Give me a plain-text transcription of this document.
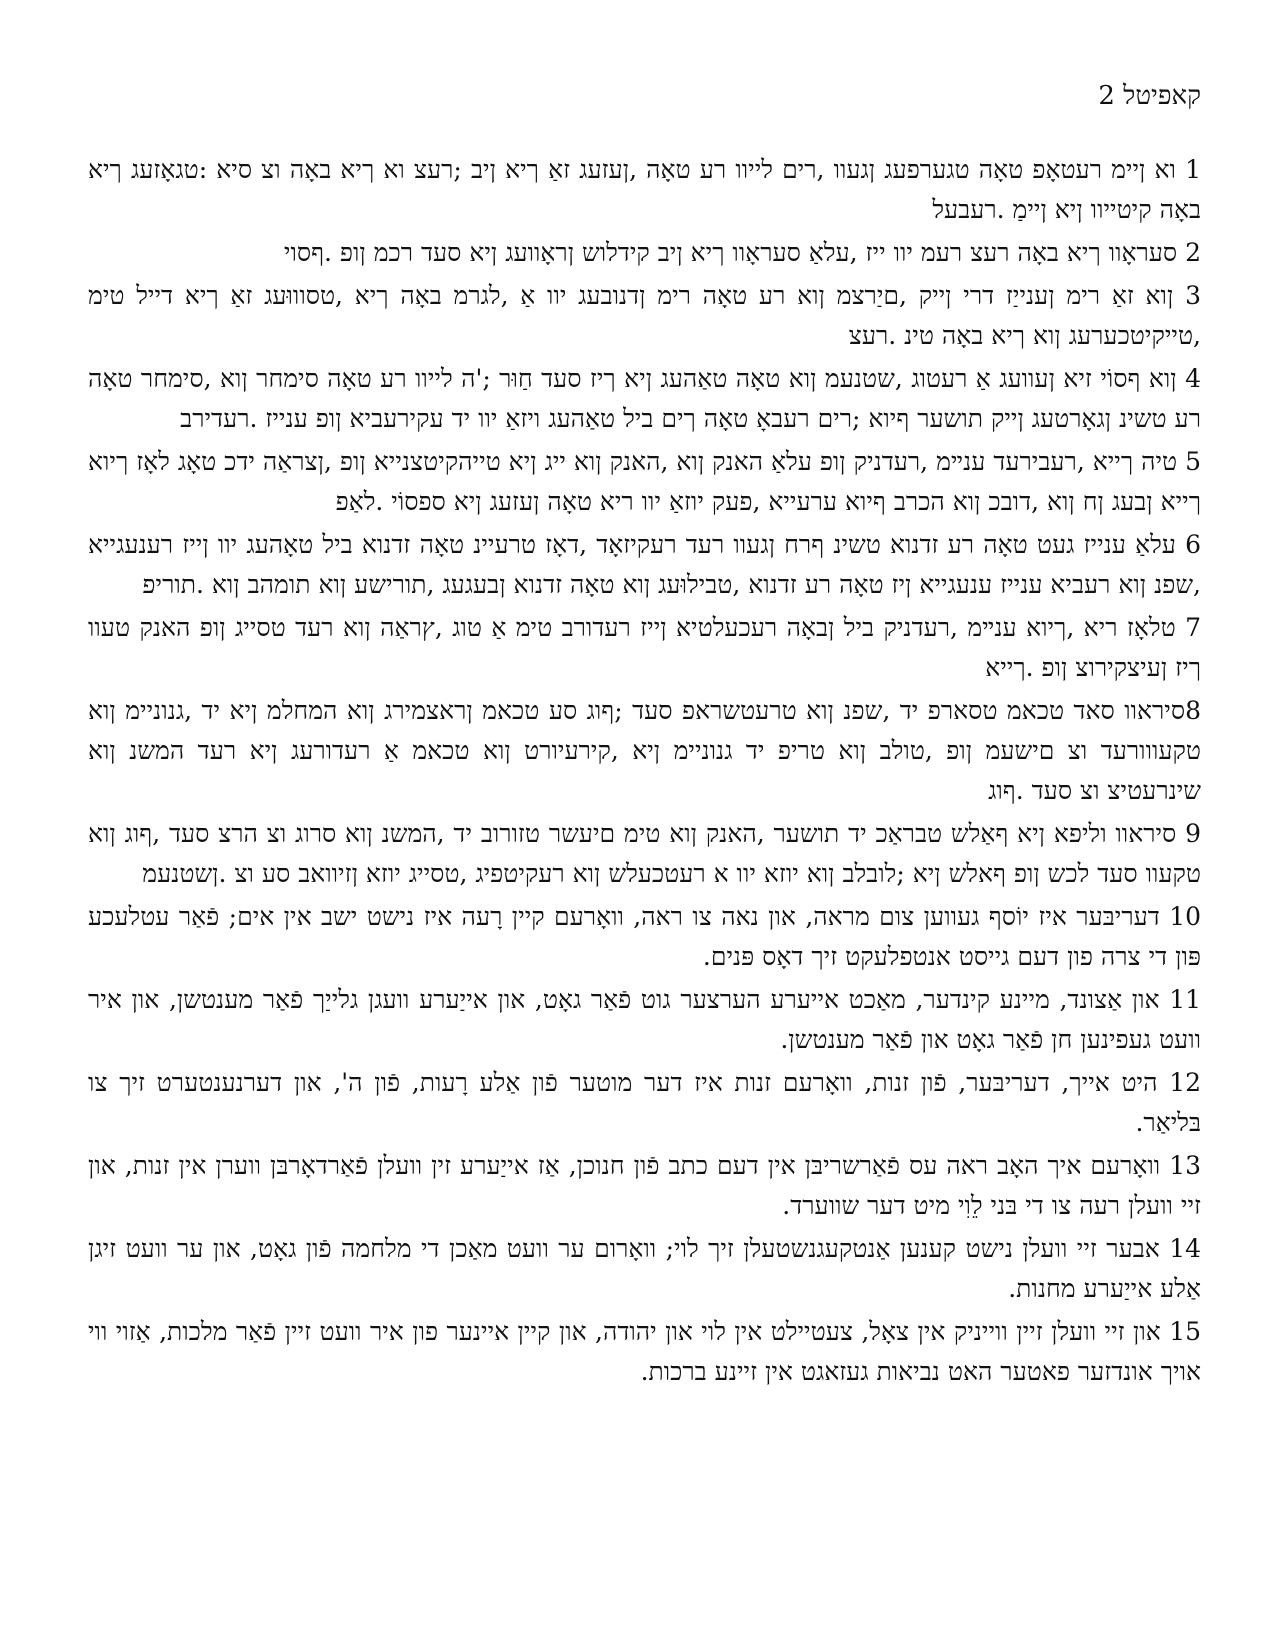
קאפיטל 2

1 וא ןיימ רעטאָפ טאָה טגערפעג ןגעוו ,רים לייוו רע טאָה ,ןעזעג זאַ ךיא ןיב ;רעצ וא ךיא באָה וצ סיא :טגאָזעג ךיא באָה קיטייוו ןיא ןיימַ .רעבעל

2 סעראָוו ךיא באָה רעצ רעמ יוו ייז ,עלאַ סעראָוו ךיא ןיב קידלוש ןראָוועג ןיא סעד רכמ ןופ .ףסוי

3 ןוא זאַ רימ ןענייַז דרי ןייק ,םיַרצמ ןוא רע טאָה רימ ןדנובעג יוו אַ ,לגרמ באָה ךיא ,טסוווּעג זאַ ךיא דייל טימ ,טייקיטכערעג ןוא ךיא באָה טינ .רעצ

4 ןוא ףסוֹי זיא ןעוועג אַ רעטוג ,שטנעמ ןוא טאָה טאַהעג ןיא ךיז סעד חַוּר ;'ה לייוו רע טאָה סימחר ןוא ,סימחר טאָה רע טשינ ןגאָרטעג ןייק תושער ףיוא ;רים רעבאָ טאָה ךים ביל טאַהעג ויזאַ יוו יד עקירעביא ןופ ענייז .רעדירב

5 טיה ךייא ,רעבירעד ענײמ ,רעדניק ןופ עלאַ האנק ןוא ,האנק ןוא ייג ןיא טייהקיטצנייא ןופ ,ןצראַה ידכ טאָג לאָז ךיוא ךייא ןבעג ןח ןוא ,דובכ ןוא הכרב ףיוא ערעייא ,פעק יוזאַ יוו ריא טאָה ןעזעג ןיא ספסוֹי .לאַפ

6 עלאַ ענייז געט טאָה רע זדנוא טשינ ףרח ןגעוו רעד רעקיזאָד ,דאָז טרעיינ טאָה זדנוא ביל טאָהעג יוו ןייז רענעגייא ,שפנ ןוא רעביא ענייז ענעגייא ןיז טאָה רע זדנוא ,טבילוּעג ןוא טאָה זדנוא ןבעגעג ,תורישע ןוא תומהב ןוא .תוריפ

7 טלאָז ריא ,ךיוא ענײמ ,רעדניק ביל ןבאָה רעכעלטיא ןייז רעדורב טימ אַ טוג ,ץראַה ןוא רעד טסייג ןופ האנק טעוו ךיז ןעיצקירוצ ןופ .ךייא

8סיראוו סאד טכאמ טסארפ יד ,שפנ ןוא טרעטשראפ סעד ;ףוג סע טכאמ ןראצמירג ןוא המחלמ ןיא יד ,גנוניימ ןוא טקעווורעד וצ םישעמ ןופ ,טולב ןוא טריפ יד גנוניימ ןיא ,קירעיורט ןוא טכאמ אַ רעדורעג ןיא רעד המשנ ןוא שינרעטיצ וצ סעד .ףוג

9 סיראוו וליפא ןיא ףאַלש טבראַכ יד תושער ,האנק ןוא טימ םיעשר טזורוב יד ,המשנ ןוא סרוג וצ הרצ סעד ,ףוג ןוא טקעוו סעד לכש ןופ ףאלש ןיא ;לובלב ןוא יוזא יוו א רעטכעלש ןוא רעקיטפיג ,טסייג יוזא ןזיוואב סע וצ .ןשטנעמ

10 דעריבּער איז יוֹסף געווען צום מראה, און נאה צו ראה, וואָרעם קיין רָעה איז נישט ישב אין אים; פֿאַר עטלעכע פּון די צרה פון דעם גייסט אנטפלעקט זיך דאָס פּנים.

11 און אַצונד, מיינע קינדער, מאַכט אייערע הערצער גוט פֿאַר גאָט, און אייַערע וועגן גלייַך פֿאַר מענטשן, און איר וועט געפינען חן פֿאַר גאָט און פֿאַר מענטשן.

12 היט אייך, דעריבּער, פֿון זנות, וואָרעם זנות איז דער מוטער פֿון אַלע רָעות, פֿון ה', און דערנענטערט זיך צו בּליאַר.

13 וואָרעם איך האָב ראה עס פֿאַרשריבּן אין דעם כתב פֿון חנוכן, אַז אייַערע זין וועלן פֿאַרדאָרבּן ווערן אין זנות, און זיי וועלן רעה צו די בּני לֵוִי מיט דער שווערד.

14 אבער זיי וועלן נישט קענען אַנטקעגנשטעלן זיך לוי; וואָרום ער וועט מאַכן די מלחמה פֿון גאָט, און ער וועט זיגן אַלע אייַערע מחנות.

15 און זיי וועלן זיין ווייניק אין צאָל, צעטיילט אין לוי און יהודה, און קיין איינער פון איר וועט זיין פֿאַר מלכות, אַזוי ווי אויך אונדזער פאטער האט נביאות געזאגט אין זיינע ברכות.
